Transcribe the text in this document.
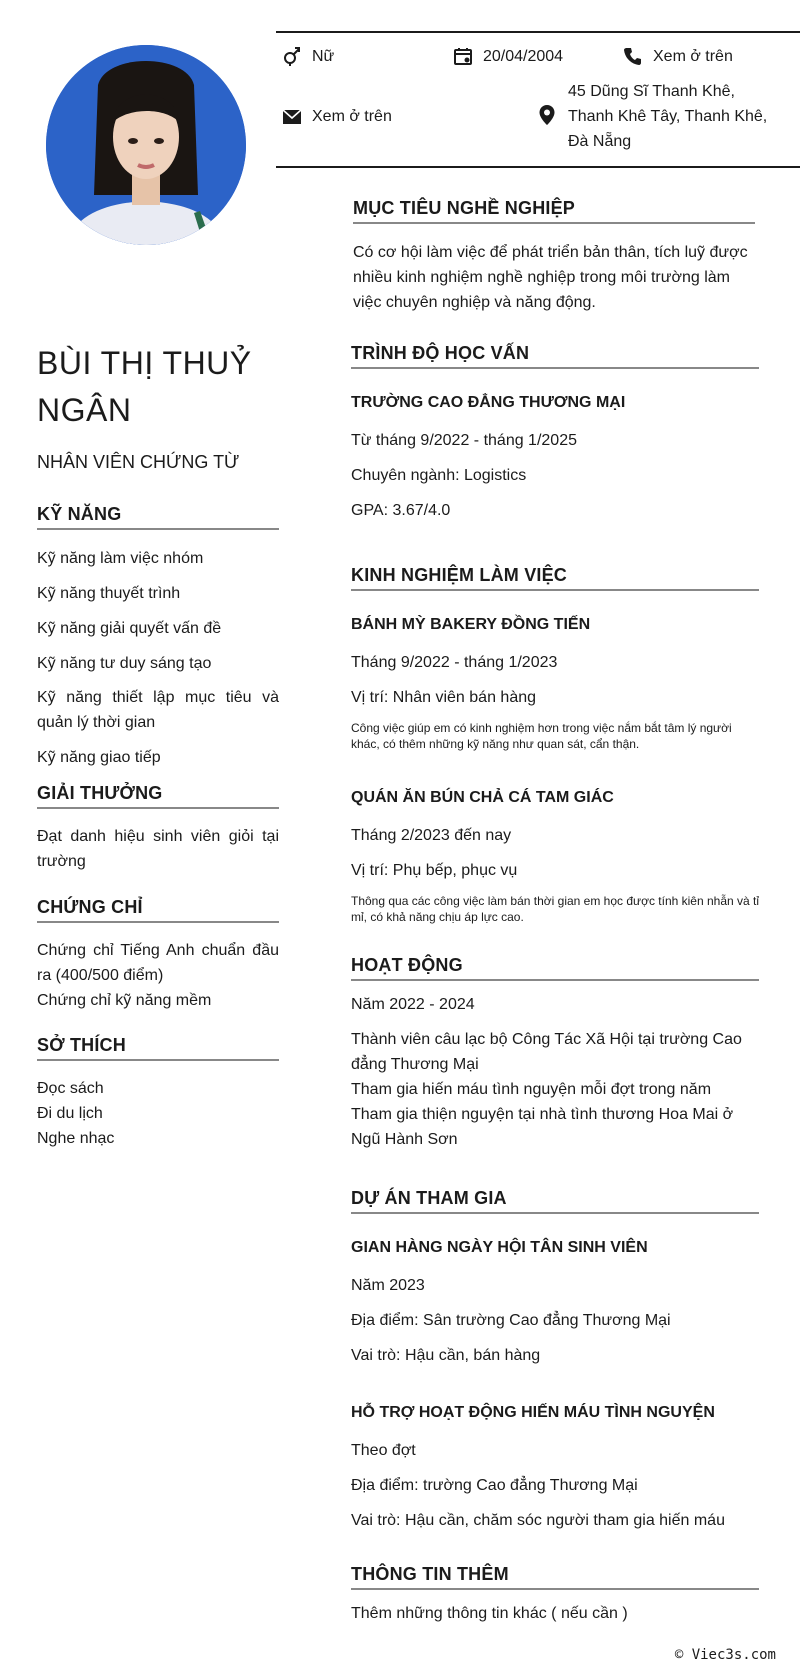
Nữ	20/04/2004	Xem ở trên
Xem ở trên
45 Dũng Sĩ Thanh Khê,
Thanh Khê Tây, Thanh Khê,
Đà Nẵng
BÙI THỊ THUỶ
NGÂN
NHÂN VIÊN CHỨNG TỪ
KỸ NĂNG
Kỹ năng làm việc nhóm
Kỹ năng thuyết trình
Kỹ năng giải quyết vấn đề
Kỹ năng tư duy sáng tạo
Kỹ năng thiết lập mục tiêu và quản lý thời gian
Kỹ năng giao tiếp
GIẢI THƯỞNG
Đạt danh hiệu sinh viên giỏi tại trường
CHỨNG CHỈ
Chứng chỉ Tiếng Anh chuẩn đầu ra (400/500 điểm)
Chứng chỉ kỹ năng mềm
SỞ THÍCH
Đọc sách
Đi du lịch
Nghe nhạc
MỤC TIÊU NGHỀ NGHIỆP
Có cơ hội làm việc để phát triển bản thân, tích luỹ được nhiều kinh nghiệm nghề nghiệp trong môi trường làm việc chuyên nghiệp và năng động.
TRÌNH ĐỘ HỌC VẤN
TRƯỜNG CAO ĐẲNG THƯƠNG MẠI
Từ tháng 9/2022 - tháng 1/2025
Chuyên ngành: Logistics
GPA: 3.67/4.0
KINH NGHIỆM LÀM VIỆC
BÁNH MỲ BAKERY ĐỒNG TIẾN
Tháng 9/2022 - tháng 1/2023
Vị trí: Nhân viên bán hàng
Công việc giúp em có kinh nghiệm hơn trong việc nắm bắt tâm lý người khác, có thêm những kỹ năng như quan sát, cẩn thận.
QUÁN ĂN BÚN CHẢ CÁ TAM GIÁC
Tháng 2/2023 đến nay
Vị trí: Phụ bếp, phục vụ
Thông qua các công việc làm bán thời gian em học được tính kiên nhẫn và tỉ mỉ, có khả năng chịu áp lực cao.
HOẠT ĐỘNG
Năm 2022 - 2024
Thành viên câu lạc bộ Công Tác Xã Hội tại trường Cao đẳng Thương Mại
Tham gia hiến máu tình nguyện mỗi đợt trong năm
Tham gia thiện nguyện tại nhà tình thương Hoa Mai ở Ngũ Hành Sơn
DỰ ÁN THAM GIA
GIAN HÀNG NGÀY HỘI TÂN SINH VIÊN
Năm 2023
Địa điểm: Sân trường Cao đẳng Thương Mại
Vai trò: Hậu cần, bán hàng
HỖ TRỢ HOẠT ĐỘNG HIẾN MÁU TÌNH NGUYỆN
Theo đợt
Địa điểm: trường Cao đẳng Thương Mại
Vai trò: Hậu cần, chăm sóc người tham gia hiến máu
THÔNG TIN THÊM
Thêm những thông tin khác ( nếu cần )
© Viec3s.com
